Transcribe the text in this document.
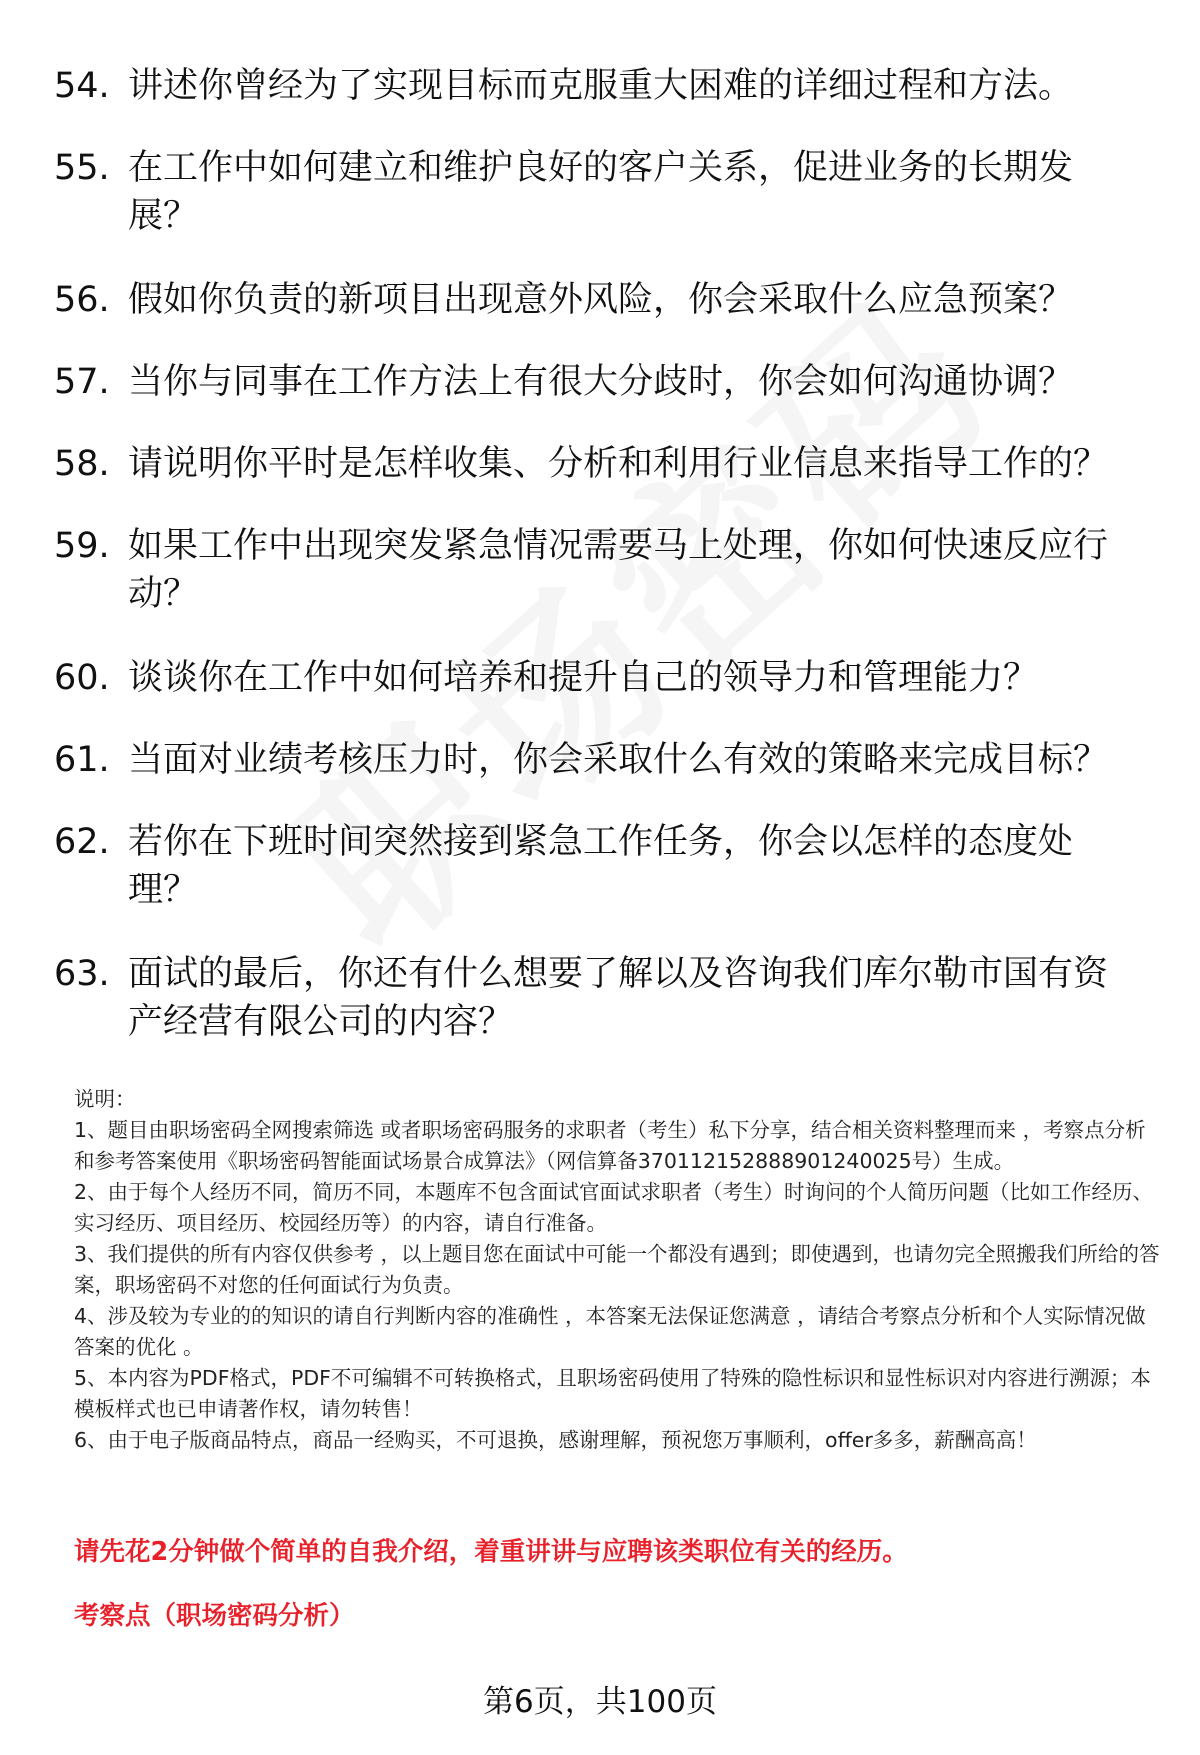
54. 讲述你曾经为了实现目标而克服重大困难的详细过程和方法。
55. 在工作中如何建立和维护良好的客户关系，促进业务的长期发展？
56. 假如你负责的新项目出现意外风险，你会采取什么应急预案？
57. 当你与同事在工作方法上有很大分歧时，你会如何沟通协调？
58. 请说明你平时是怎样收集、分析和利用行业信息来指导工作的？
59. 如果工作中出现突发紧急情况需要马上处理，你如何快速反应行动？
60. 谈谈你在工作中如何培养和提升自己的领导力和管理能力？
61. 当面对业绩考核压力时，你会采取什么有效的策略来完成目标？
62. 若你在下班时间突然接到紧急工作任务，你会以怎样的态度处理？
63. 面试的最后，你还有什么想要了解以及咨询我们库尔勒市国有资产经营有限公司的内容？

说明：

1、题目由职场密码全网搜索筛选 或者职场密码服务的求职者（考生）私下分享，结合相关资料整理而来 ，考察点分析和参考答案使用《职场密码智能面试场景合成算法》（网信算备370112152888901240025号）生成。

2、由于每个人经历不同，简历不同，本题库不包含面试官面试求职者（考生）时询问的个人简历问题（比如工作经历、实习经历、项目经历、校园经历等）的内容，请自行准备。

3、我们提供的所有内容仅供参考 ，以上题目您在面试中可能一个都没有遇到；即使遇到，也请勿完全照搬我们所给的答案，职场密码不对您的任何面试行为负责。

4、涉及较为专业的的知识的请自行判断内容的准确性 ，本答案无法保证您满意 ，请结合考察点分析和个人实际情况做答案的优化 。

5、本内容为PDF格式，PDF不可编辑不可转换格式，且职场密码使用了特殊的隐性标识和显性标识对内容进行溯源；本模板样式也已申请著作权，请勿转售！

6、由于电子版商品特点，商品一经购买，不可退换，感谢理解，预祝您万事顺利，offer多多，薪酬高高！

请先花2分钟做个简单的自我介绍，着重讲讲与应聘该类职位有关的经历。
考察点（职场密码分析）
第6页，共100页
